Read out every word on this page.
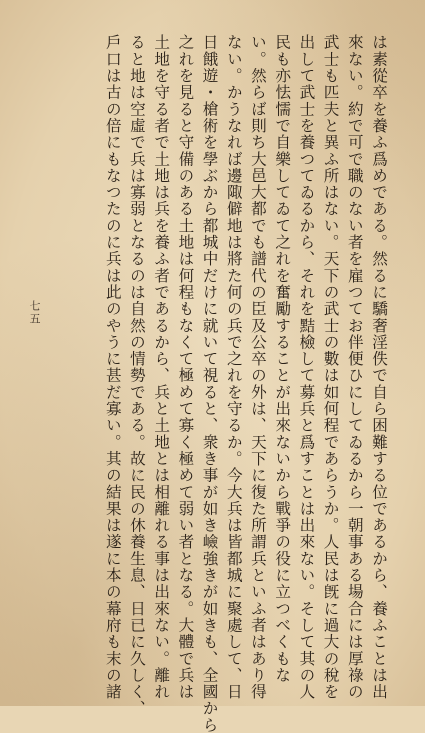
は素從卒を養ふ爲めである。然るに驕奢淫佚で自ら困難する位であるから、養ふことは出
來ない。約で可で職のない者を雇つてお伴便ひにしてゐるから一朝事ある場合には厚祿の
武士も匹夫と異ふ所はない。天下の武士の數は如何程であらうか。人民は旣に過大の稅を
出して武士を養つてゐるから、それを黠檢して募兵と爲すことは出來ない。そして其の人
民も亦怯懦で自樂してゐて之れを奮勵することが出來ないから戰爭の役に立つべくもな
い。然らば則ち大邑大都でも譜代の臣及公卒の外は、天下に復た所謂兵といふ者はあり得
ない。かうなれば邊陬僻地は將た何の兵で之れを守るか。今大兵は皆都城に聚處して、日
日餓遊・槍術を學ぶから都城中だけに就いて視ると、衆き事が如き嶮強きが如きも、全國から
之れを見ると守備のある土地は何程もなくて極めて寡く極めて弱い者となる。大體で兵は
土地を守る者で土地は兵を養ふ者であるから、兵と土地とは相離れる事は出來ない。離れ
ると地は空虛で兵は寡弱となるのは自然の情勢である。故に民の休養生息、日已に久しく、
戶口は古の倍にもなつたのに兵は此のやうに甚だ寡い。其の結果は遂に本の幕府も末の諸
七五
